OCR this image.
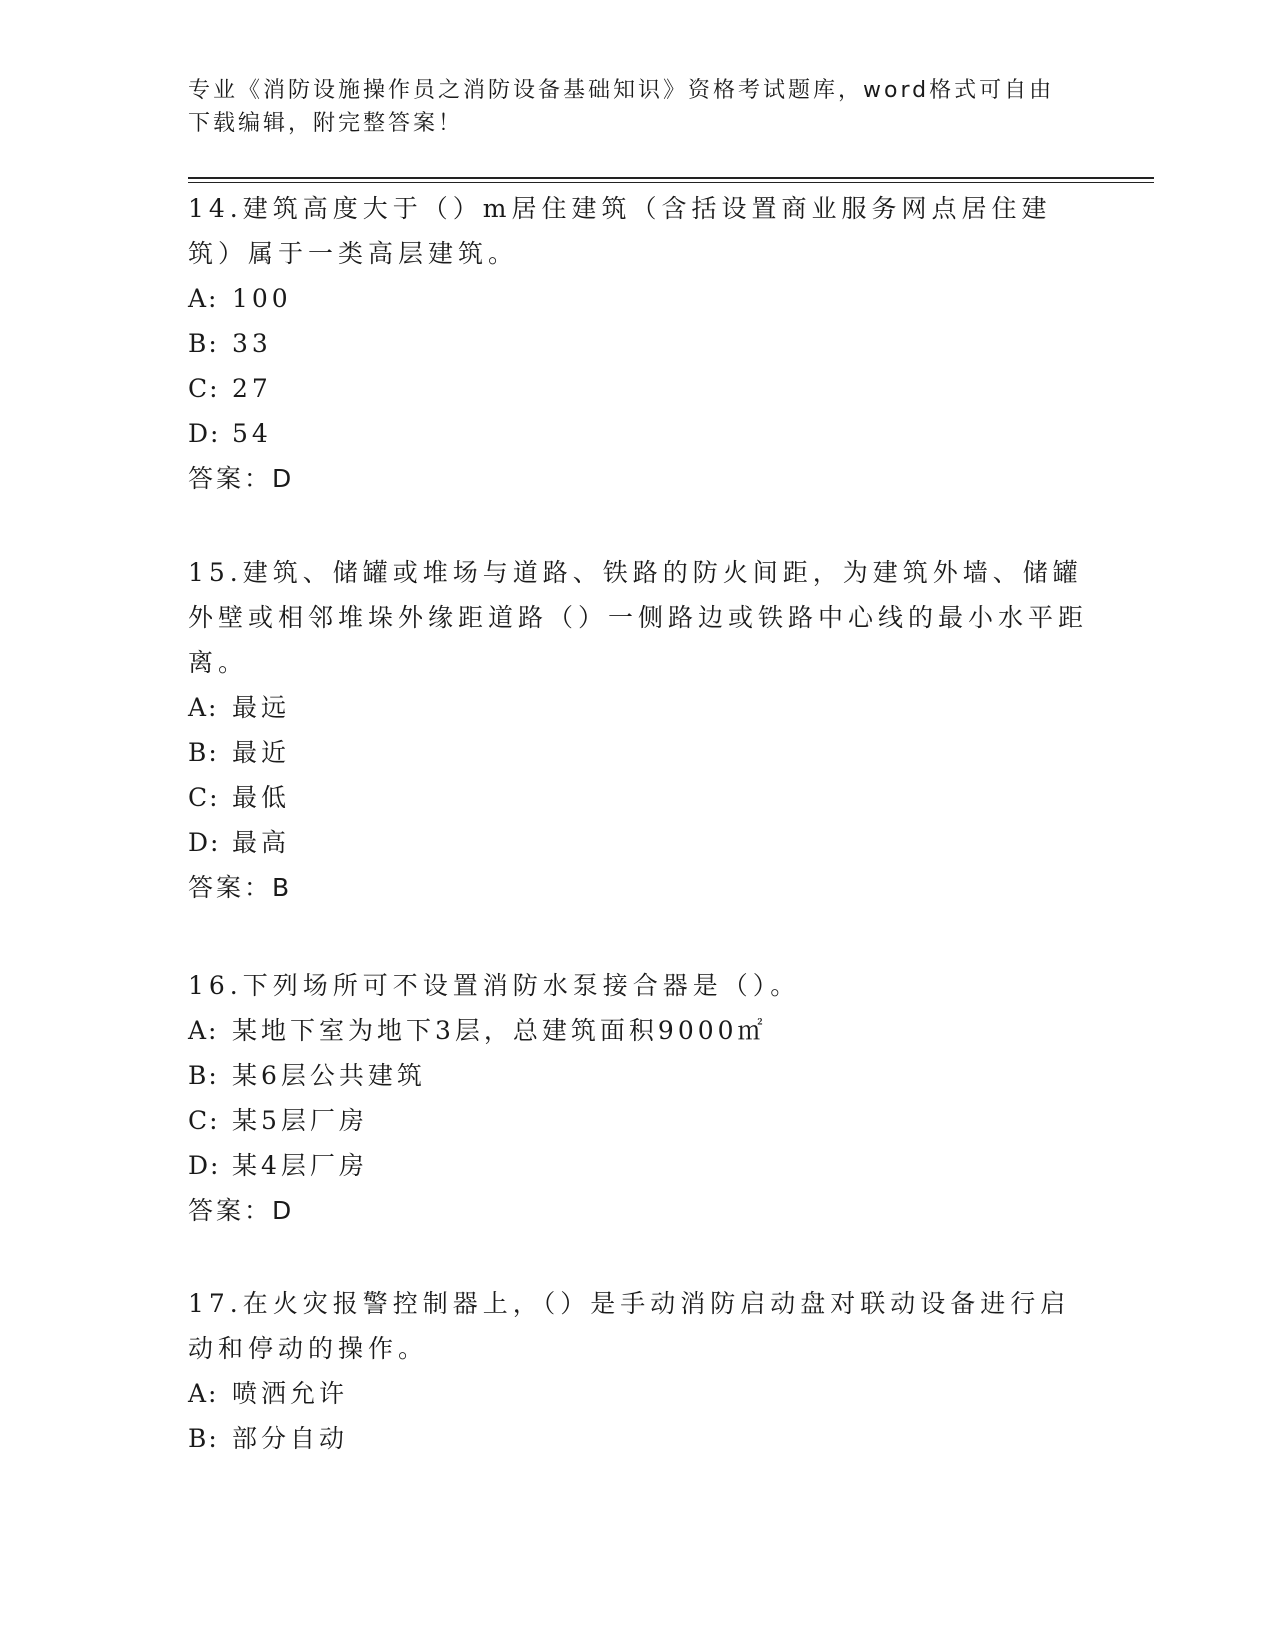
专业《消防设施操作员之消防设备基础知识》资格考试题库，word格式可自由下载编辑，附完整答案！

14.建筑高度大于（）m居住建筑（含括设置商业服务网点居住建筑）属于一类高层建筑。

A: 100

B: 33

C: 27

D: 54

答案：D

15.建筑、储罐或堆场与道路、铁路的防火间距，为建筑外墙、储罐外壁或相邻堆垛外缘距道路（）一侧路边或铁路中心线的最小水平距离。

A: 最远

B: 最近

C: 最低

D: 最高

答案：B

16.下列场所可不设置消防水泵接合器是（）。

A: 某地下室为地下3层，总建筑面积9000㎡

B: 某6层公共建筑

C: 某5层厂房

D: 某4层厂房

答案：D

17.在火灾报警控制器上，（）是手动消防启动盘对联动设备进行启动和停动的操作。

A: 喷洒允许

B: 部分自动
